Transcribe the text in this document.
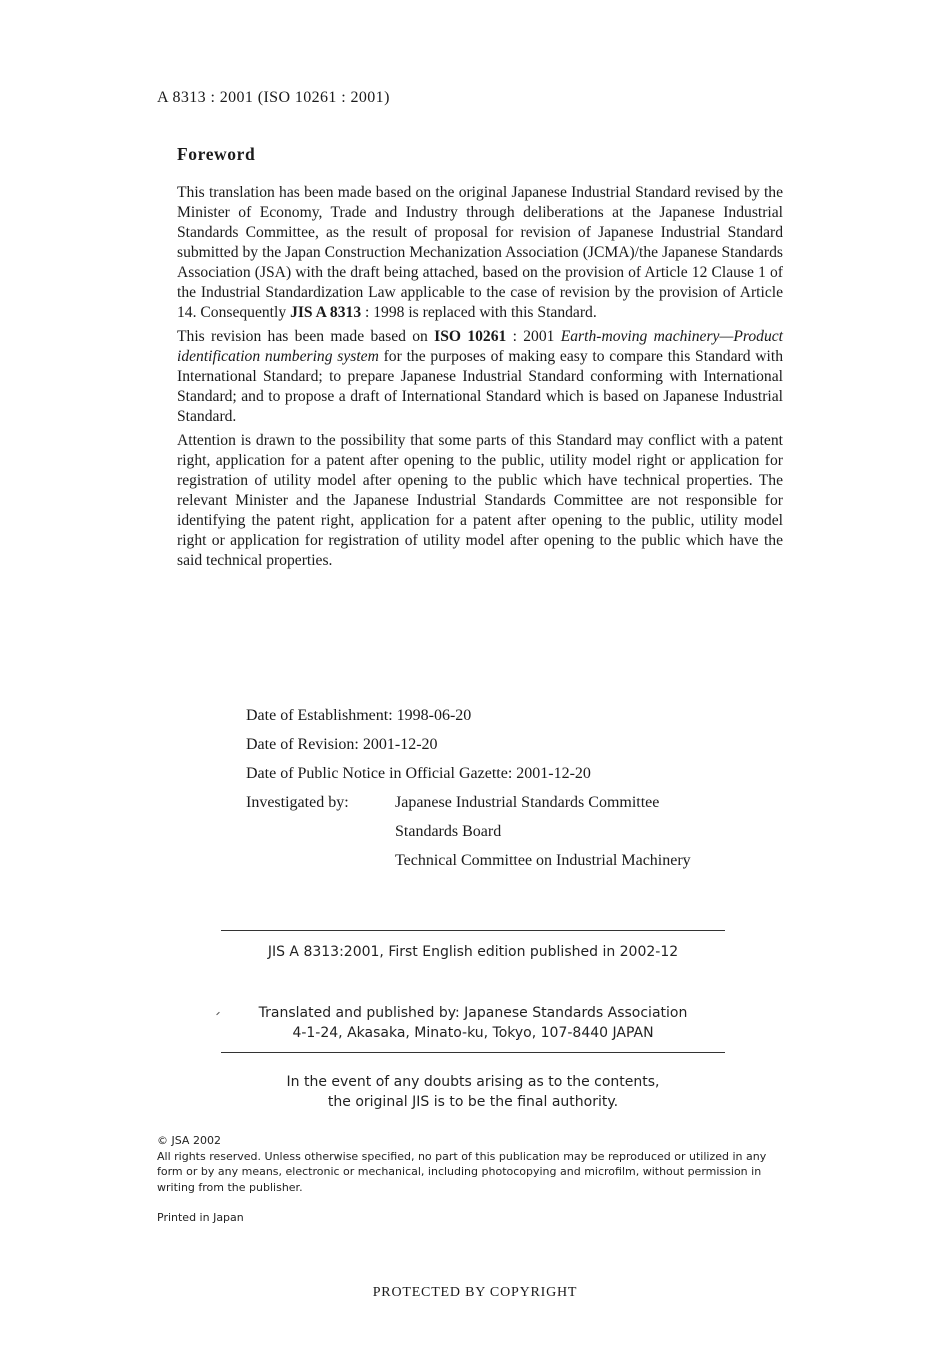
A 8313 : 2001 (ISO 10261 : 2001)
Foreword

This translation has been made based on the original Japanese Industrial Standard revised by the Minister of Economy, Trade and Industry through deliberations at the Japanese Industrial Standards Committee, as the result of proposal for revision of Japanese Industrial Standard submitted by the Japan Construction Mechanization Association (JCMA)/the Japanese Standards Association (JSA) with the draft being attached, based on the provision of Article 12 Clause 1 of the Industrial Standardization Law applicable to the case of revision by the provision of Article 14. Consequently JIS A 8313 : 1998 is replaced with this Standard.

This revision has been made based on ISO 10261 : 2001 Earth-moving machinery—Product identification numbering system for the purposes of making easy to compare this Standard with International Standard; to prepare Japanese Industrial Standard conforming with International Standard; and to propose a draft of International Standard which is based on Japanese Industrial Standard.

Attention is drawn to the possibility that some parts of this Standard may conflict with a patent right, application for a patent after opening to the public, utility model right or application for registration of utility model after opening to the public which have technical properties. The relevant Minister and the Japanese Industrial Standards Committee are not responsible for identifying the patent right, application for a patent after opening to the public, utility model right or application for registration of utility model after opening to the public which have the said technical properties.

Date of Establishment: 1998-06-20
Date of Revision: 2001-12-20
Date of Public Notice in Official Gazette: 2001-12-20
Investigated by:	Japanese Industrial Standards Committee
Standards Board
Technical Committee on Industrial Machinery
JIS A 8313:2001, First English edition published in 2002-12
Translated and published by: Japanese Standards Association
4-1-24, Akasaka, Minato-ku, Tokyo, 107-8440 JAPAN
In the event of any doubts arising as to the contents,
the original JIS is to be the final authority.
© JSA 2002
All rights reserved. Unless otherwise specified, no part of this publication may be reproduced or utilized in any form or by any means, electronic or mechanical, including photocopying and microfilm, without permission in writing from the publisher.
Printed in Japan
PROTECTED BY COPYRIGHT
